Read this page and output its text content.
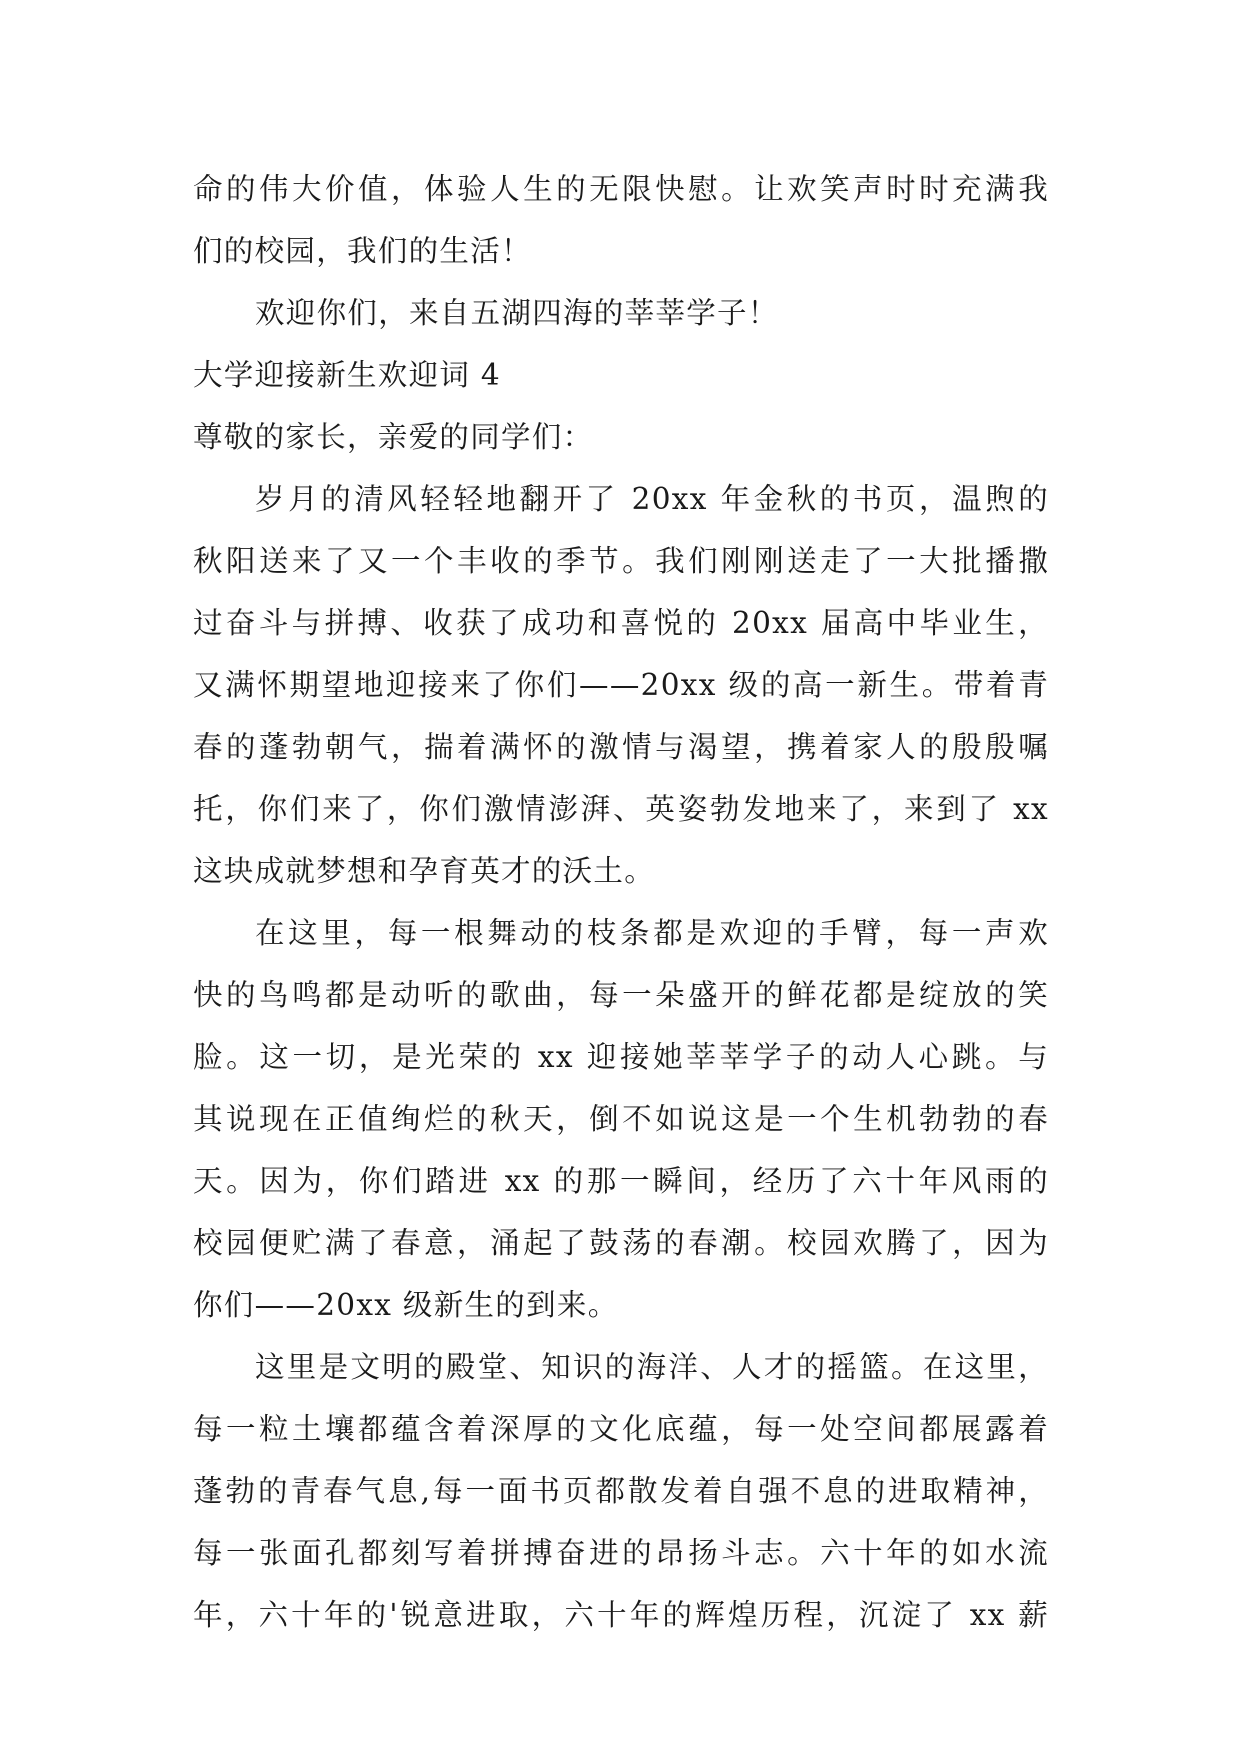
命的伟大价值，体验人生的无限快慰。让欢笑声时时充满我
们的校园，我们的生活！
欢迎你们，来自五湖四海的莘莘学子！
大学迎接新生欢迎词 4
尊敬的家长，亲爱的同学们：
岁月的清风轻轻地翻开了 20xx 年金秋的书页，温煦的
秋阳送来了又一个丰收的季节。我们刚刚送走了一大批播撒
过奋斗与拼搏、收获了成功和喜悦的 20xx 届高中毕业生，
又满怀期望地迎接来了你们——20xx 级的高一新生。带着青
春的蓬勃朝气，揣着满怀的激情与渴望，携着家人的殷殷嘱
托，你们来了，你们激情澎湃、英姿勃发地来了，来到了 xx
这块成就梦想和孕育英才的沃土。
在这里，每一根舞动的枝条都是欢迎的手臂，每一声欢
快的鸟鸣都是动听的歌曲，每一朵盛开的鲜花都是绽放的笑
脸。这一切，是光荣的 xx 迎接她莘莘学子的动人心跳。与
其说现在正值绚烂的秋天，倒不如说这是一个生机勃勃的春
天。因为，你们踏进 xx 的那一瞬间，经历了六十年风雨的
校园便贮满了春意，涌起了鼓荡的春潮。校园欢腾了，因为
你们——20xx 级新生的到来。
这里是文明的殿堂、知识的海洋、人才的摇篮。在这里，
每一粒土壤都蕴含着深厚的文化底蕴，每一处空间都展露着
蓬勃的青春气息,每一面书页都散发着自强不息的进取精神，
每一张面孔都刻写着拼搏奋进的昂扬斗志。六十年的如水流
年，六十年的'锐意进取，六十年的辉煌历程，沉淀了 xx 薪
